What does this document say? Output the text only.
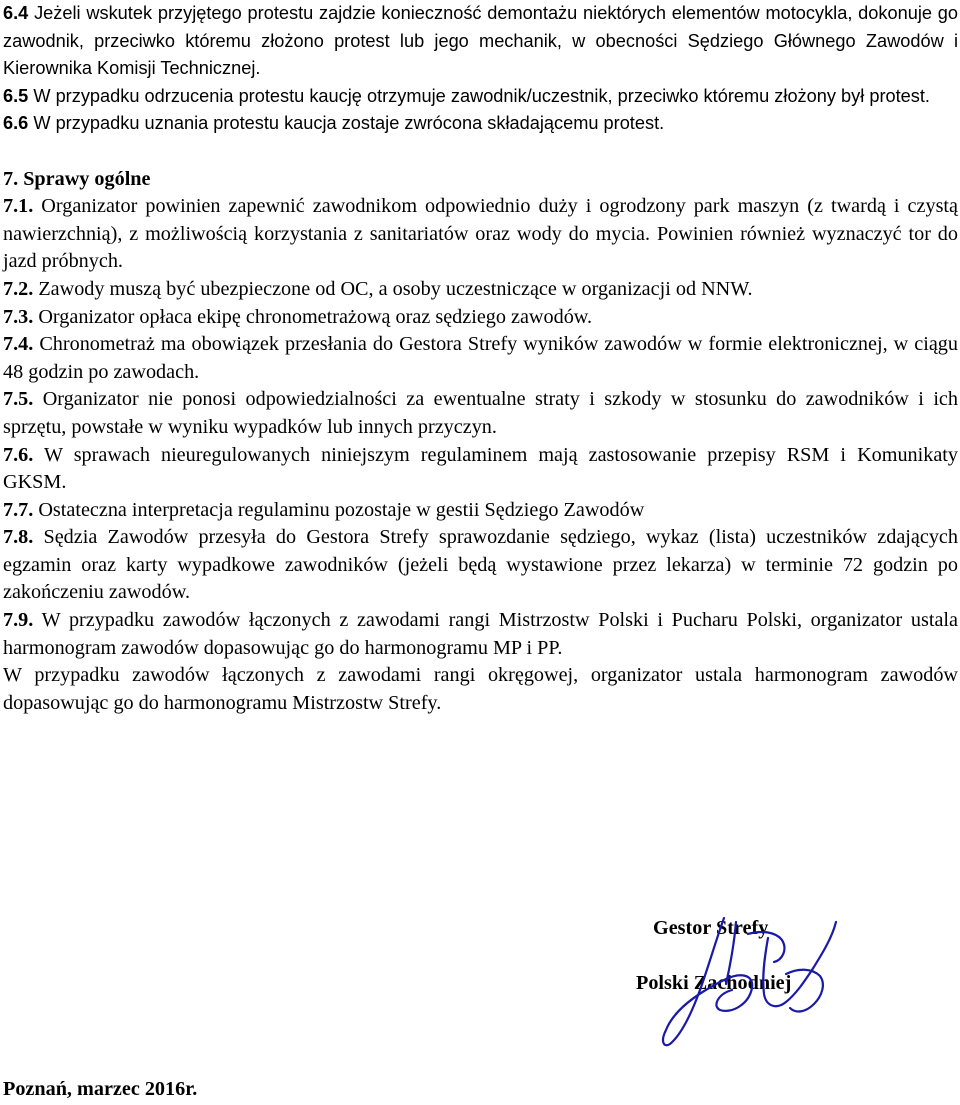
6.4 Jeżeli wskutek przyjętego protestu zajdzie konieczność demontażu niektórych elementów motocykla, dokonuje go zawodnik, przeciwko któremu złożono protest lub jego mechanik, w obecności Sędziego Głównego Zawodów i Kierownika Komisji Technicznej.

6.5 W przypadku odrzucenia protestu kaucję otrzymuje zawodnik/uczestnik, przeciwko któremu złożony był protest.

6.6 W przypadku uznania protestu kaucja zostaje zwrócona składającemu protest.

7. Sprawy ogólne

7.1. Organizator powinien zapewnić zawodnikom odpowiednio duży i ogrodzony park maszyn (z twardą i czystą nawierzchnią), z możliwością korzystania z sanitariatów oraz wody do mycia. Powinien również wyznaczyć tor do jazd próbnych.

7.2. Zawody muszą być ubezpieczone od OC, a osoby uczestniczące w organizacji od NNW.

7.3. Organizator opłaca ekipę chronometrażową oraz sędziego zawodów.

7.4. Chronometraż ma obowiązek przesłania do Gestora Strefy wyników zawodów w formie elektronicznej, w ciągu 48 godzin po zawodach.

7.5. Organizator nie ponosi odpowiedzialności za ewentualne straty i szkody w stosunku do zawodników i ich sprzętu, powstałe w wyniku wypadków lub innych przyczyn.

7.6. W sprawach nieuregulowanych niniejszym regulaminem mają zastosowanie przepisy RSM i Komunikaty GKSM.

7.7. Ostateczna interpretacja regulaminu pozostaje w gestii Sędziego Zawodów

7.8. Sędzia Zawodów przesyła do Gestora Strefy sprawozdanie sędziego, wykaz (lista) uczestników zdających egzamin oraz karty wypadkowe zawodników (jeżeli będą wystawione przez lekarza) w terminie 72 godzin po zakończeniu zawodów.

7.9. W przypadku zawodów łączonych z zawodami rangi Mistrzostw Polski i Pucharu Polski, organizator ustala harmonogram zawodów dopasowując go do harmonogramu MP i PP.

W przypadku zawodów łączonych z zawodami rangi okręgowej, organizator ustala harmonogram zawodów dopasowując go do harmonogramu Mistrzostw Strefy.

Gestor Strefy
Polski Zachodniej
Poznań, marzec 2016r.
